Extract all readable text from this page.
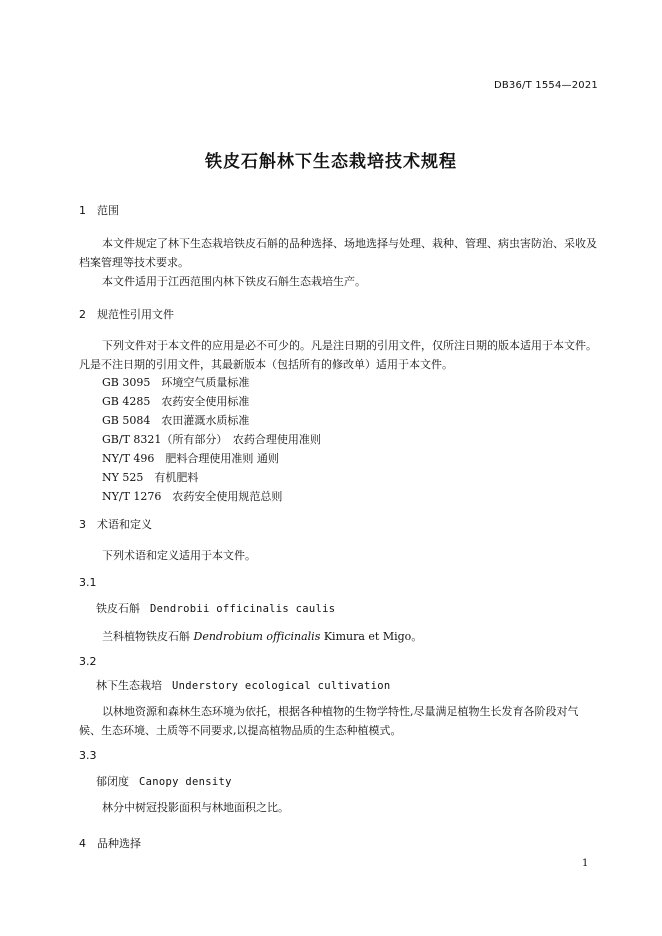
DB36/T 1554—2021
铁皮石斛林下生态栽培技术规程
1 范围

本文件规定了林下生态栽培铁皮石斛的品种选择、场地选择与处理、栽种、管理、病虫害防治、采收及档案管理等技术要求。

本文件适用于江西范围内林下铁皮石斛生态栽培生产。

2 规范性引用文件

下列文件对于本文件的应用是必不可少的。凡是注日期的引用文件，仅所注日期的版本适用于本文件。凡是不注日期的引用文件，其最新版本（包括所有的修改单）适用于本文件。

GB 3095　环境空气质量标准
GB 4285　农药安全使用标准
GB 5084　农田灌溉水质标准
GB/T 8321（所有部分）　农药合理使用准则
NY/T 496　肥料合理使用准则 通则
NY 525　有机肥料
NY/T 1276　农药安全使用规范总则
3 术语和定义
下列术语和定义适用于本文件。
3.1
铁皮石斛 Dendrobii officinalis caulis
兰科植物铁皮石斛 Dendrobium officinalis Kimura et Migo。
3.2
林下生态栽培 Understory ecological cultivation

以林地资源和森林生态环境为依托，根据各种植物的生物学特性,尽量满足植物生长发育各阶段对气候、生态环境、土质等不同要求,以提高植物品质的生态种植模式。

3.3
郁闭度 Canopy density
林分中树冠投影面积与林地面积之比。
4 品种选择
1
